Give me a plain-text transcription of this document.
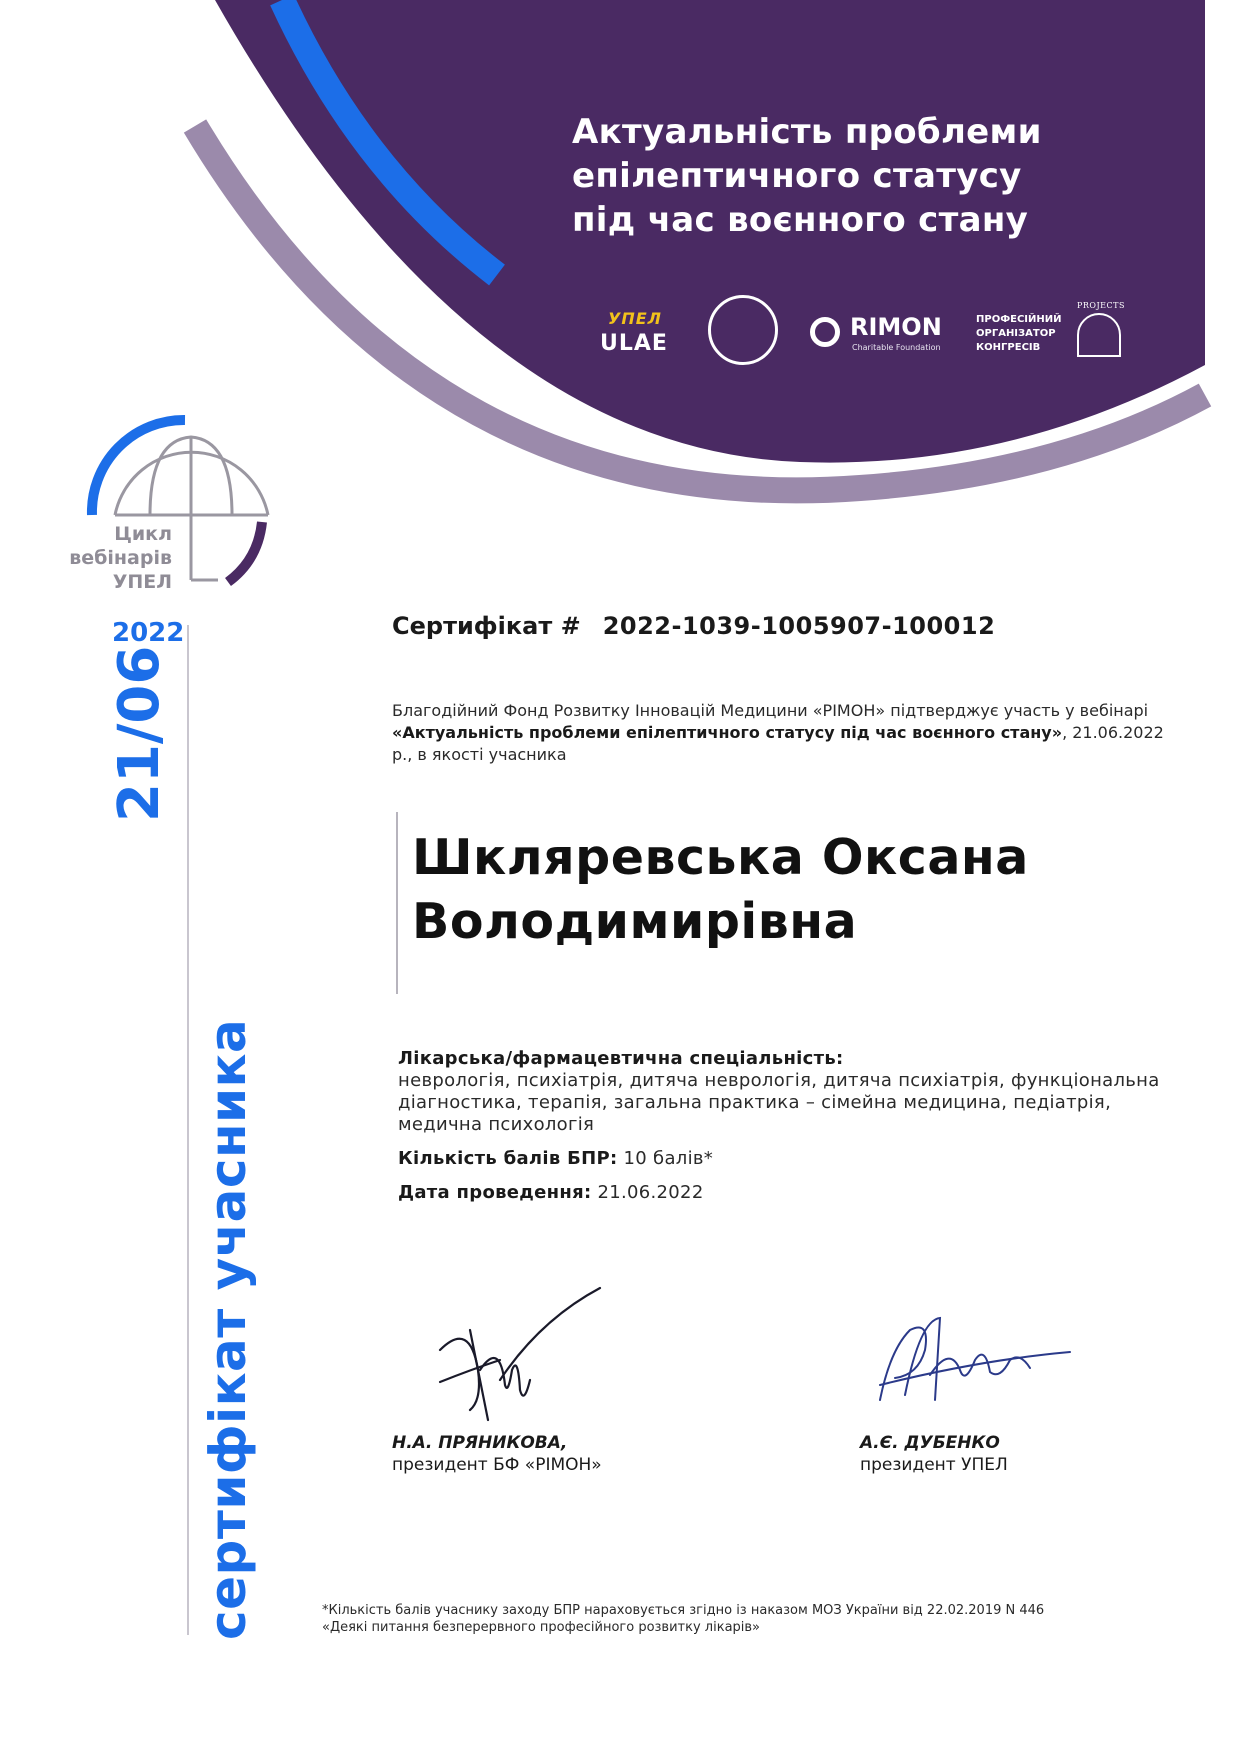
Актуальність проблеми
епілептичного статусу
під час воєнного стану
УПЕЛ
ULAE
RIMON
Charitable Foundation
ПРОФЕСІЙНИЙ
ОРГАНІЗАТОР
КОНГРЕСІВ
PROJECTS
Цикл
вебінарів
УПЕЛ
2022
21/06
сертифікат учасника
Сертифікат # 2022-1039-1005907-100012
Благодійний Фонд Розвитку Інновацій Медицини «РІМОН» підтверджує участь у вебінарі «Актуальність проблеми епілептичного статусу під час воєнного стану», 21.06.2022 р., в якості учасника
Шкляревська Оксана
Володимирівна
Лікарська/фармацевтична спеціальність:
неврологія, психіатрія, дитяча неврологія, дитяча психіатрія, функціональна діагностика, терапія, загальна практика – сімейна медицина, педіатрія, медична психологія
Кількість балів БПР: 10 балів*
Дата проведення: 21.06.2022
Н.А. ПРЯНИКОВА,
президент БФ «РІМОН»
А.Є. ДУБЕНКО
президент УПЕЛ
*Кількість балів учаснику заходу БПР нараховується згідно із наказом МОЗ України від 22.02.2019 N 446
«Деякі питання безперервного професійного розвитку лікарів»
